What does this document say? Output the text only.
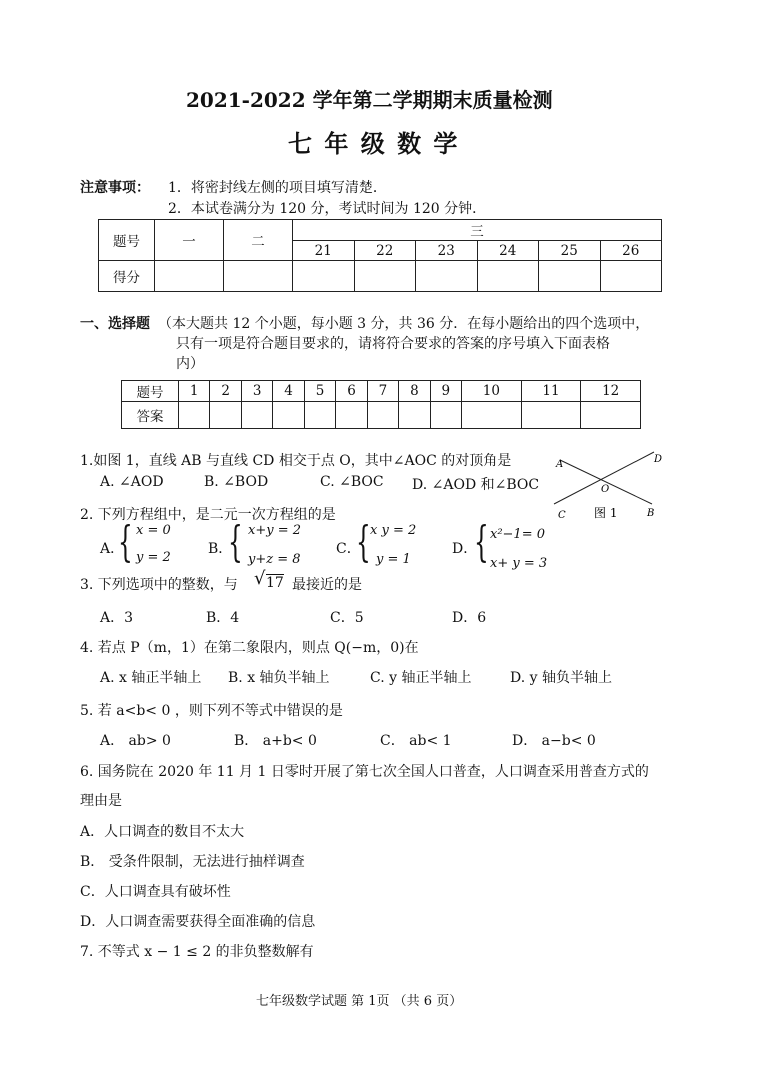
2021-2022 学年第二学期期末质量检测
七 年 级 数 学
注意事项： 1．将密封线左侧的项目填写清楚．
2．本试卷满分为 120 分，考试时间为 120 分钟．
题号	一	二	三					
			21	22	23	24	25	26
得分								
一、选择题 （本大题共 12 个小题，每小题 3 分，共 36 分．在每小题给出的四个选项中，
只有一项是符合题目要求的，请将符合要求的答案的序号填入下面表格
内）
题号	1	2	3	4	5	6	7	8	9	10	11	12
答案												
1.如图 1，直线 AB 与直线 CD 相交于点 O，其中∠AOC 的对顶角是
A. ∠AOD	B. ∠BOD	C. ∠BOC D. ∠AOD 和∠BOC
A	D
O
C	B
图 1
2. 下列方程组中，是二元一次方程组的是
A．
{ x = 0
y = 2
B．
{ x+y = 2
y+z = 8
C．
{ x y = 2
y = 1
D．
{ x²−1= 0
x+ y = 3
3. 下列选项中的整数，与 √ 17 最接近的是
A．3	B．4	C．5	D．6
4. 若点 P（m，1）在第二象限内，则点 Q(−m，0)在
A. x 轴正半轴上 B. x 轴负半轴上	C. y 轴正半轴上	D. y 轴负半轴上
5. 若 a<b< 0 ，则下列不等式中错误的是
A． ab> 0	B． a+b< 0	C． ab< 1	D． a−b< 0
6. 国务院在 2020 年 11 月 1 日零时开展了第七次全国人口普查，人口调查采用普查方式的
理由是
A．人口调查的数目不太大
B． 受条件限制，无法进行抽样调查
C．人口调查具有破坏性
D．人口调查需要获得全面准确的信息
7. 不等式 x − 1 ≤ 2 的非负整数解有
七年级数学试题 第 1页 （共 6 页）
